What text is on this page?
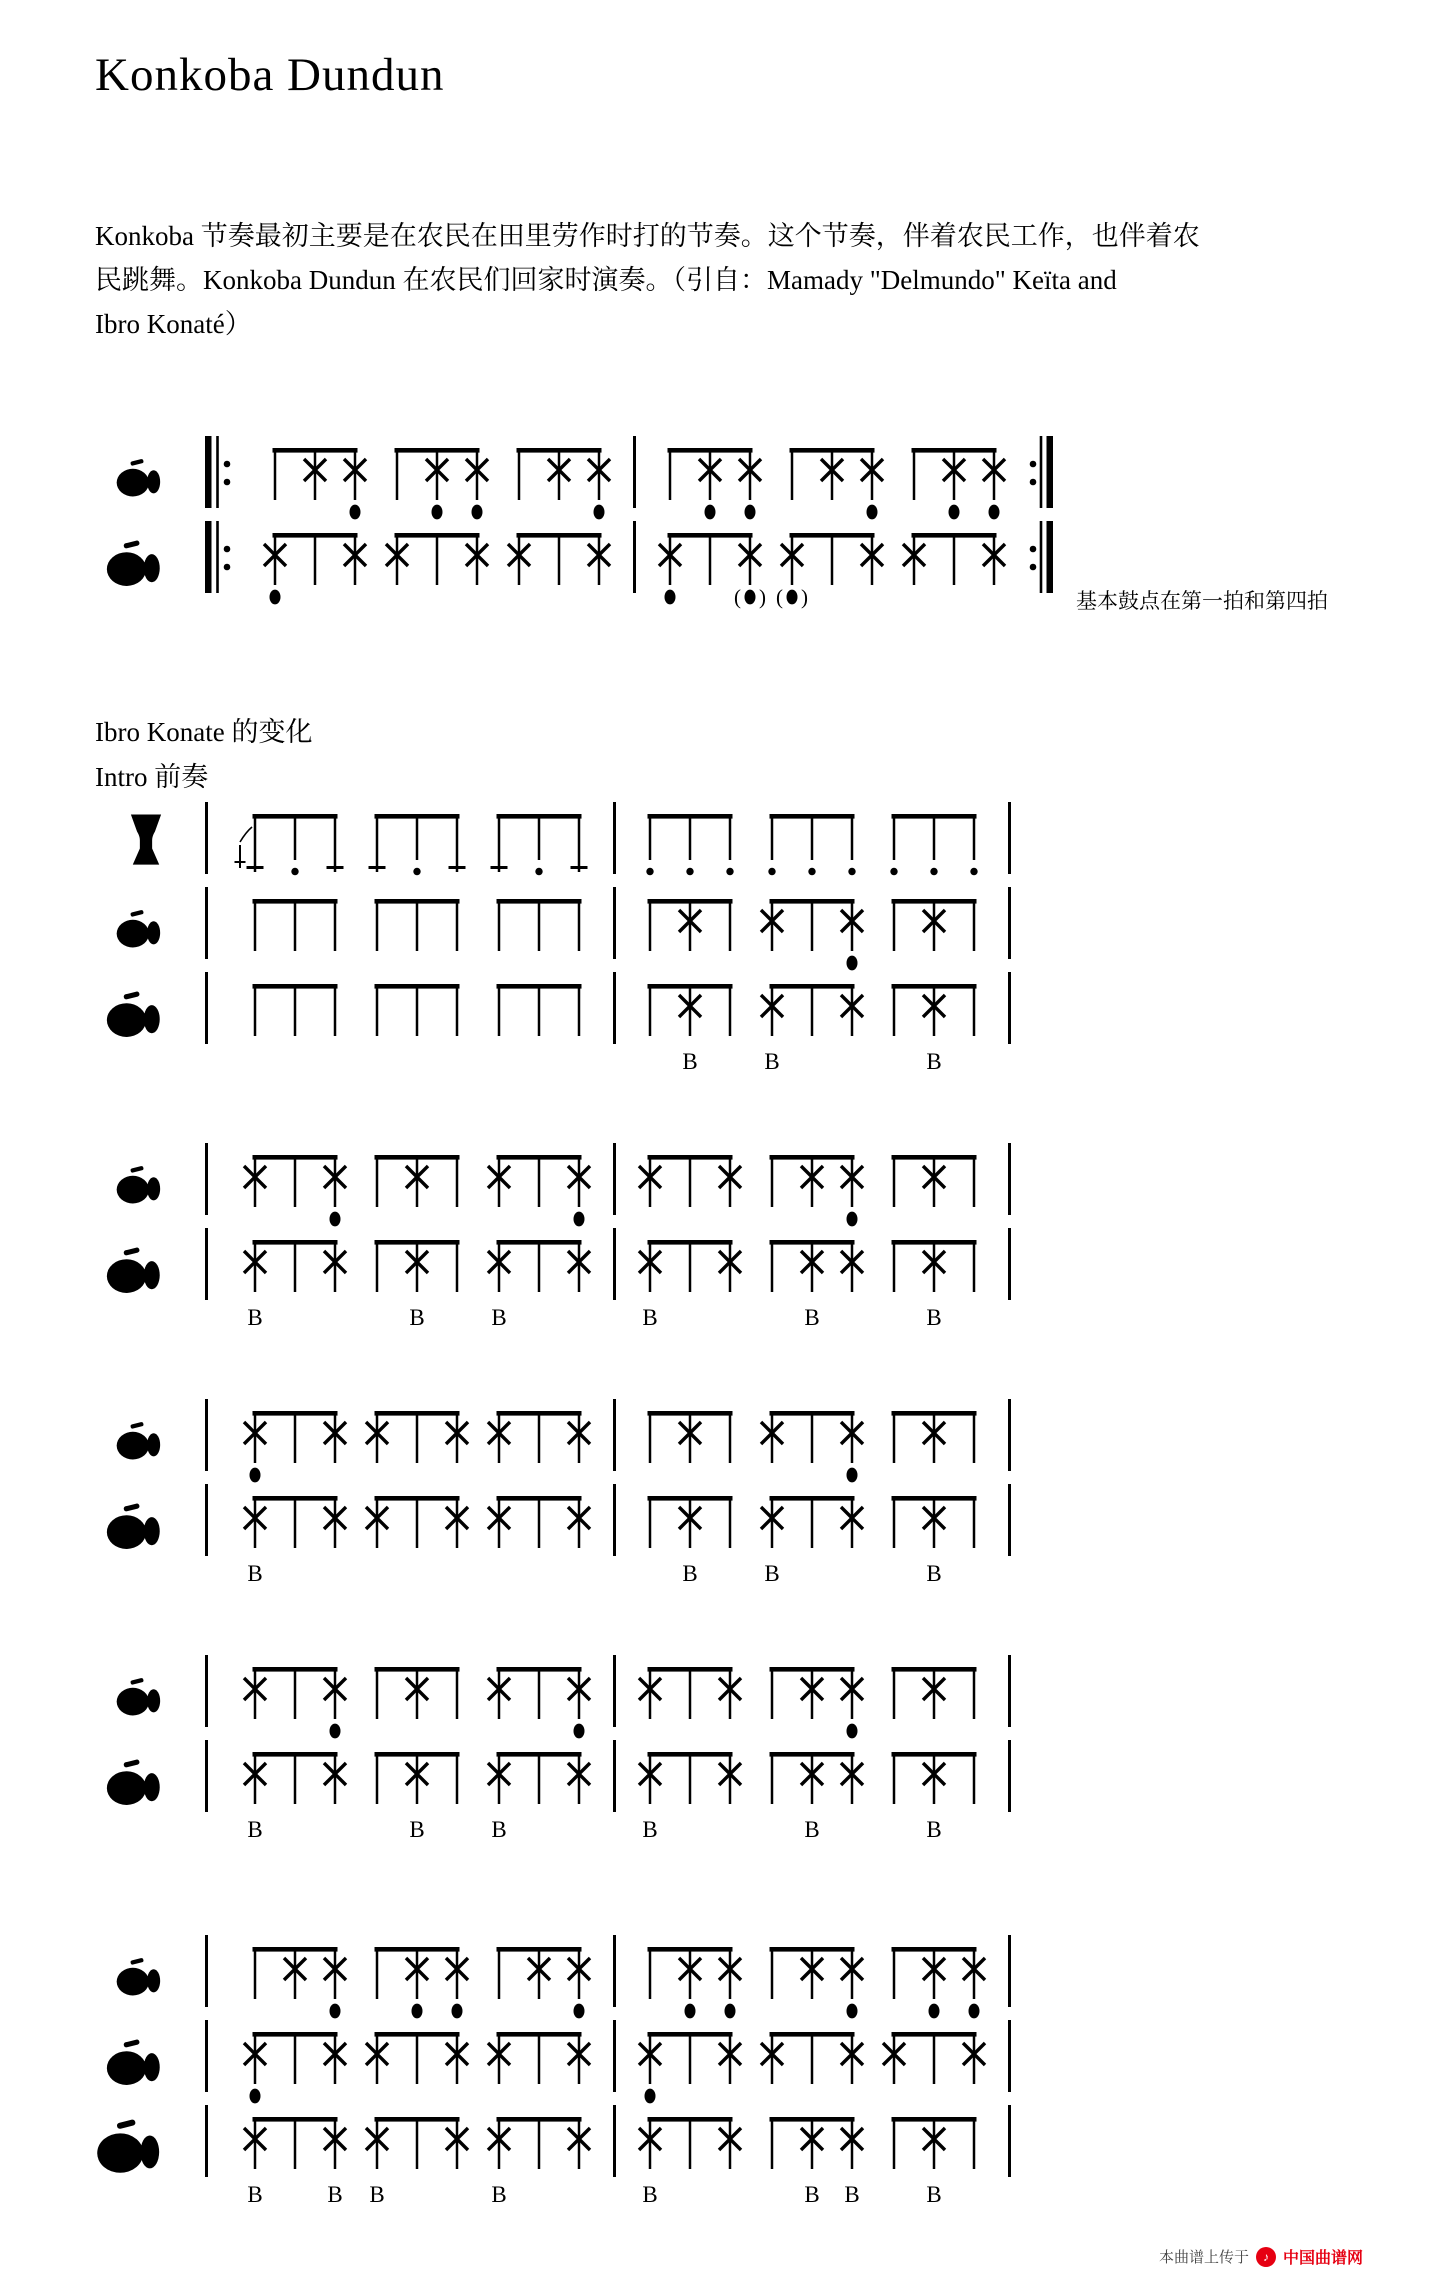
Konkoba Dundun
Konkoba 节奏最初主要是在农民在田里劳作时打的节奏。这个节奏，伴着农民工作，也伴着农
民跳舞。Konkoba Dundun 在农民们回家时演奏。（引自：Mamady "Delmundo" Keïta and
Ibro Konaté）
( ) ( )	基本鼓点在第一拍和第四拍
Ibro Konate 的变化
Intro 前奏
B	B	B
B	B	B	B	B	B
B	B	B	B
B	B	B	B	B	B
B	B B	B	B	B B	B
本曲谱上传于	♪ 中国曲谱网
